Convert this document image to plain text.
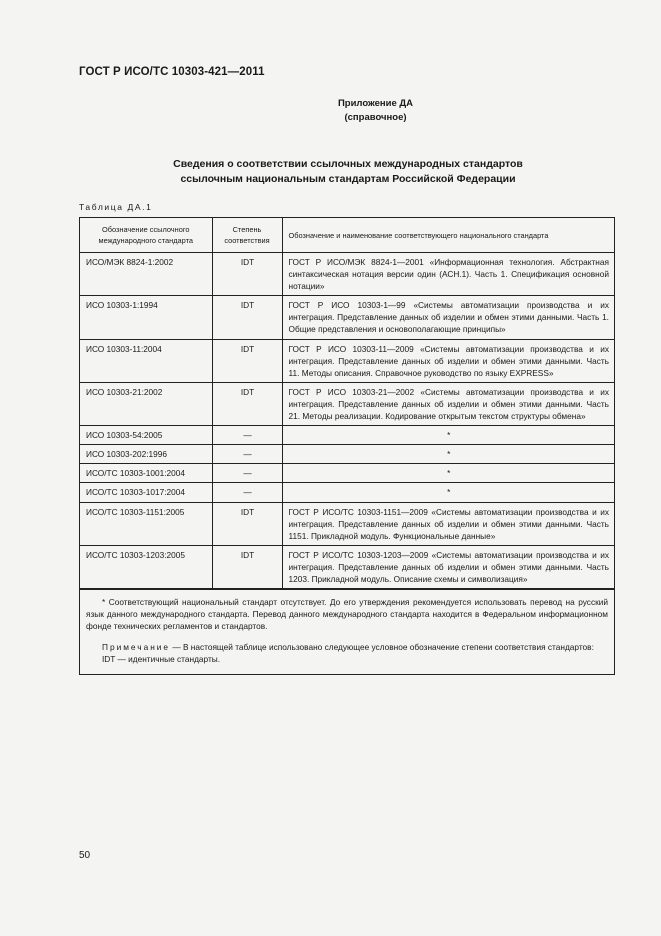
ГОСТ Р ИСО/ТС 10303-421—2011
Приложение ДА
(справочное)
Сведения о соответствии ссылочных международных стандартов
ссылочным национальным стандартам Российской Федерации
Таблица ДА.1
Обозначение ссылочного международного стандарта	Степень соответствия	Обозначение и наименование соответствующего национального стандарта
ИСО/МЭК 8824-1:2002	IDT	ГОСТ Р ИСО/МЭК 8824-1—2001 «Информационная технология. Абстрактная синтаксическая нотация версии один (АСН.1). Часть 1. Спецификация основной нотации»
ИСО 10303-1:1994	IDT	ГОСТ Р ИСО 10303-1—99 «Системы автоматизации производства и их интеграция. Представление данных об изделии и обмен этими данными. Часть 1. Общие представления и основополагающие принципы»
ИСО 10303-11:2004	IDT	ГОСТ Р ИСО 10303-11—2009 «Системы автоматизации производства и их интеграция. Представление данных об изделии и обмен этими данными. Часть 11. Методы описания. Справочное руководство по языку EXPRESS»
ИСО 10303-21:2002	IDT	ГОСТ Р ИСО 10303-21—2002 «Системы автоматизации производства и их интеграция. Представление данных об изделии и обмен этими данными. Часть 21. Методы реализации. Кодирование открытым текстом структуры обмена»
ИСО 10303-54:2005	—	*
ИСО 10303-202:1996	—	*
ИСО/ТС 10303-1001:2004	—	*
ИСО/ТС 10303-1017:2004	—	*
ИСО/ТС 10303-1151:2005	IDT	ГОСТ Р ИСО/ТС 10303-1151—2009 «Системы автоматизации производства и их интеграция. Представление данных об изделии и обмен этими данными. Часть 1151. Прикладной модуль. Функциональные данные»
ИСО/ТС 10303-1203:2005	IDT	ГОСТ Р ИСО/ТС 10303-1203—2009 «Системы автоматизации производства и их интеграция. Представление данных об изделии и обмен этими данными. Часть 1203. Прикладной модуль. Описание схемы и символизация»

* Соответствующий национальный стандарт отсутствует. До его утверждения рекомендуется использовать перевод на русский язык данного международного стандарта. Перевод данного международного стандарта находится в Федеральном информационном фонде технических регламентов и стандартов.

Примечание — В настоящей таблице использовано следующее условное обозначение степени соответствия стандартов:

IDT — идентичные стандарты.

50
